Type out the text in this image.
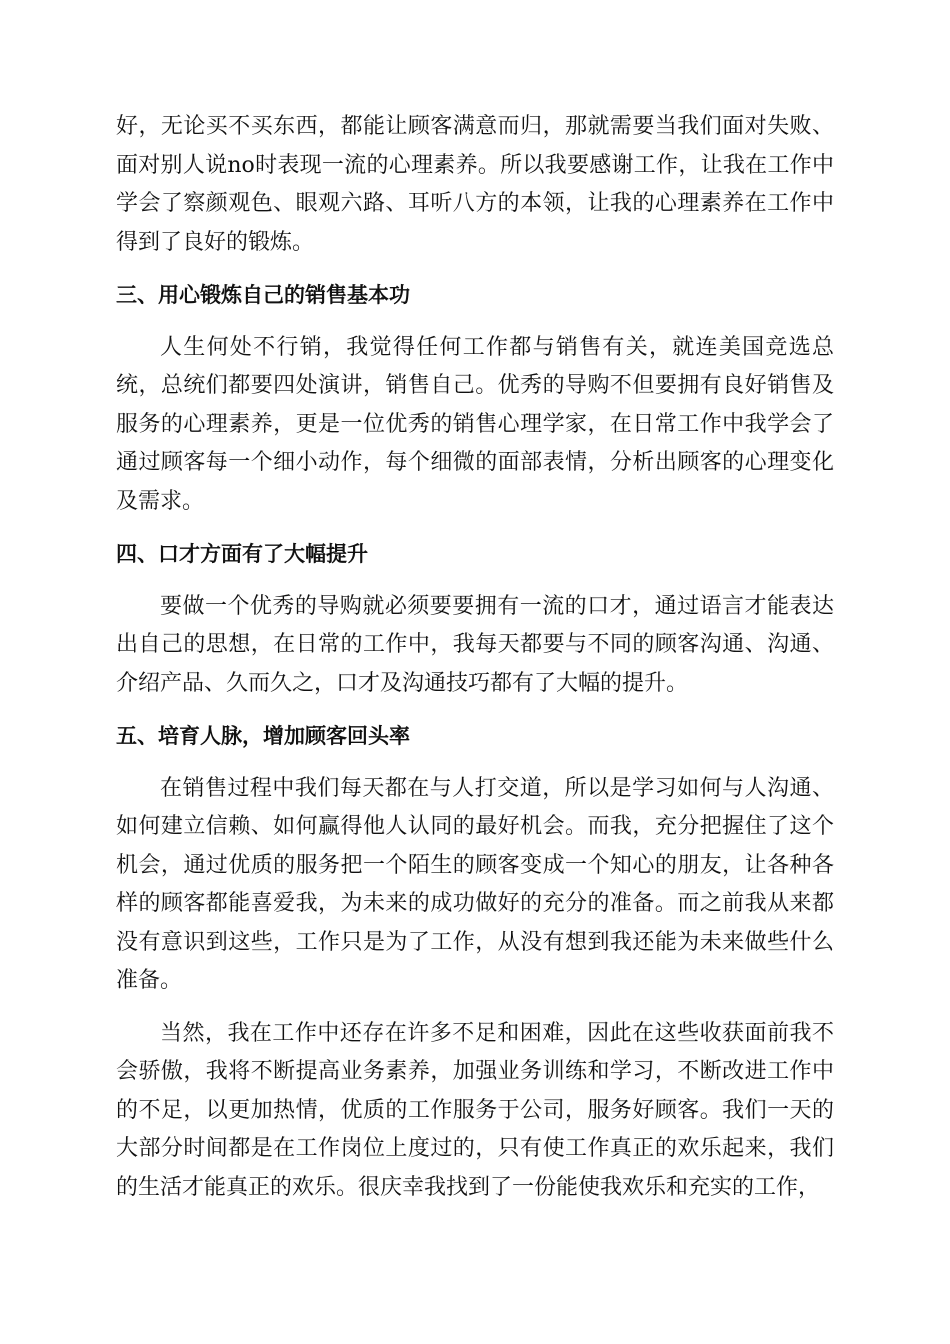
好，无论买不买东西，都能让顾客满意而归，那就需要当我们面对失败、面对别人说no时表现一流的心理素养。所以我要感谢工作，让我在工作中学会了察颜观色、眼观六路、耳听八方的本领，让我的心理素养在工作中得到了良好的锻炼。

三、用心锻炼自己的销售基本功

人生何处不行销，我觉得任何工作都与销售有关，就连美国竞选总统，总统们都要四处演讲，销售自己。优秀的导购不但要拥有良好销售及服务的心理素养，更是一位优秀的销售心理学家，在日常工作中我学会了通过顾客每一个细小动作，每个细微的面部表情，分析出顾客的心理变化及需求。

四、口才方面有了大幅提升

要做一个优秀的导购就必须要要拥有一流的口才，通过语言才能表达出自己的思想，在日常的工作中，我每天都要与不同的顾客沟通、沟通、介绍产品、久而久之，口才及沟通技巧都有了大幅的提升。

五、培育人脉，增加顾客回头率

在销售过程中我们每天都在与人打交道，所以是学习如何与人沟通、如何建立信赖、如何赢得他人认同的最好机会。而我，充分把握住了这个机会，通过优质的服务把一个陌生的顾客变成一个知心的朋友，让各种各样的顾客都能喜爱我，为未来的成功做好的充分的准备。而之前我从来都没有意识到这些，工作只是为了工作，从没有想到我还能为未来做些什么准备。

当然，我在工作中还存在许多不足和困难，因此在这些收获面前我不会骄傲，我将不断提高业务素养，加强业务训练和学习，不断改进工作中的不足，以更加热情，优质的工作服务于公司，服务好顾客。我们一天的大部分时间都是在工作岗位上度过的，只有使工作真正的欢乐起来，我们的生活才能真正的欢乐。很庆幸我找到了一份能使我欢乐和充实的工作，
